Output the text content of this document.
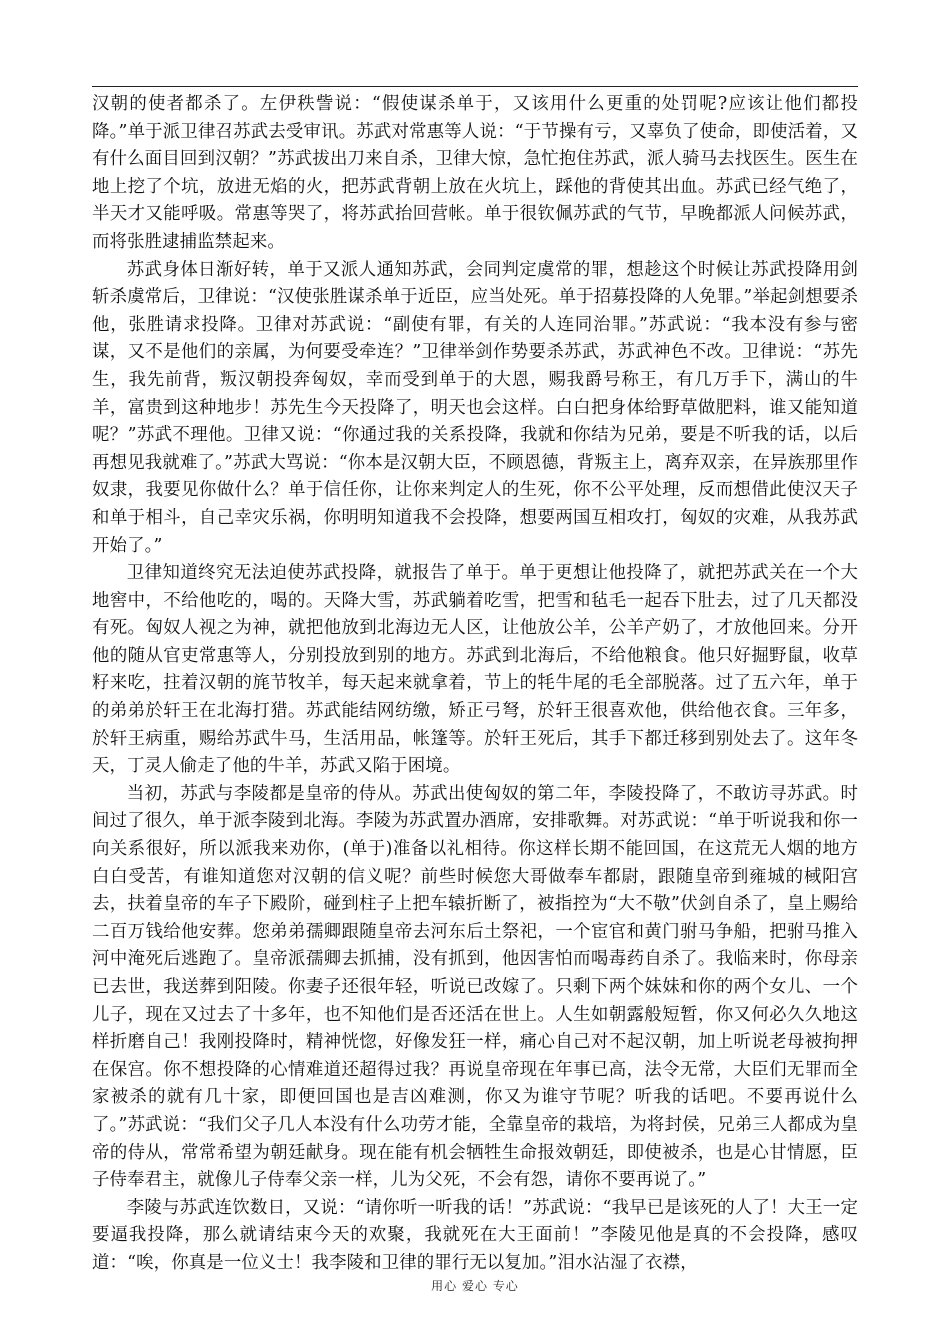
汉朝的使者都杀了。左伊秩訾说：“假使谋杀单于，又该用什么更重的处罚呢?应该让他们都投降。”单于派卫律召苏武去受审讯。苏武对常惠等人说：“于节操有亏，又辜负了使命，即使活着，又有什么面目回到汉朝？”苏武拔出刀来自杀，卫律大惊，急忙抱住苏武，派人骑马去找医生。医生在地上挖了个坑，放进无焰的火，把苏武背朝上放在火坑上，踩他的背使其出血。苏武已经气绝了，半天才又能呼吸。常惠等哭了，将苏武抬回营帐。单于很钦佩苏武的气节，早晚都派人问候苏武，而将张胜逮捕监禁起来。

苏武身体日渐好转，单于又派人通知苏武，会同判定虞常的罪，想趁这个时候让苏武投降用剑斩杀虞常后，卫律说：“汉使张胜谋杀单于近臣，应当处死。单于招募投降的人免罪。”举起剑想要杀他，张胜请求投降。卫律对苏武说：“副使有罪，有关的人连同治罪。”苏武说：“我本没有参与密谋，又不是他们的亲属，为何要受牵连？”卫律举剑作势要杀苏武，苏武神色不改。卫律说：“苏先生，我先前背，叛汉朝投奔匈奴，幸而受到单于的大恩，赐我爵号称王，有几万手下，满山的牛羊，富贵到这种地步！苏先生今天投降了，明天也会这样。白白把身体给野草做肥料，谁又能知道呢？”苏武不理他。卫律又说：“你通过我的关系投降，我就和你结为兄弟，要是不听我的话，以后再想见我就难了。”苏武大骂说：“你本是汉朝大臣，不顾恩德，背叛主上，离弃双亲，在异族那里作奴隶，我要见你做什么？单于信任你，让你来判定人的生死，你不公平处理，反而想借此使汉天子和单于相斗，自己幸灾乐祸，你明明知道我不会投降，想要两国互相攻打，匈奴的灾难，从我苏武开始了。”

卫律知道终究无法迫使苏武投降，就报告了单于。单于更想让他投降了，就把苏武关在一个大地窖中，不给他吃的，喝的。天降大雪，苏武躺着吃雪，把雪和毡毛一起吞下肚去，过了几天都没有死。匈奴人视之为神，就把他放到北海边无人区，让他放公羊，公羊产奶了，才放他回来。分开他的随从官吏常惠等人，分别投放到别的地方。苏武到北海后，不给他粮食。他只好掘野鼠，收草籽来吃，拄着汉朝的旄节牧羊，每天起来就拿着，节上的牦牛尾的毛全部脱落。过了五六年，单于的弟弟於轩王在北海打猎。苏武能结网纺缴，矫正弓弩，於轩王很喜欢他，供给他衣食。三年多，於轩王病重，赐给苏武牛马，生活用品，帐篷等。於轩王死后，其手下都迁移到别处去了。这年冬天，丁灵人偷走了他的牛羊，苏武又陷于困境。

当初，苏武与李陵都是皇帝的侍从。苏武出使匈奴的第二年，李陵投降了，不敢访寻苏武。时间过了很久，单于派李陵到北海。李陵为苏武置办酒席，安排歌舞。对苏武说：“单于听说我和你一向关系很好，所以派我来劝你，(单于)准备以礼相待。你这样长期不能回国，在这荒无人烟的地方白白受苦，有谁知道您对汉朝的信义呢？前些时候您大哥做奉车都尉，跟随皇帝到雍城的棫阳宫去，扶着皇帝的车子下殿阶，碰到柱子上把车辕折断了，被指控为“大不敬”伏剑自杀了，皇上赐给二百万钱给他安葬。您弟弟孺卿跟随皇帝去河东后土祭祀，一个宦官和黄门驸马争船，把驸马推入河中淹死后逃跑了。皇帝派孺卿去抓捕，没有抓到，他因害怕而喝毒药自杀了。我临来时，你母亲已去世，我送葬到阳陵。你妻子还很年轻，听说已改嫁了。只剩下两个妹妹和你的两个女儿、一个儿子，现在又过去了十多年，也不知他们是否还活在世上。人生如朝露般短暂，你又何必久久地这样折磨自己！我刚投降时，精神恍惚，好像发狂一样，痛心自己对不起汉朝，加上听说老母被拘押在保宫。你不想投降的心情难道还超得过我？再说皇帝现在年事已高，法令无常，大臣们无罪而全家被杀的就有几十家，即便回国也是吉凶难测，你又为谁守节呢？听我的话吧。不要再说什么了。”苏武说：“我们父子几人本没有什么功劳才能，全靠皇帝的栽培，为将封侯，兄弟三人都成为皇帝的侍从，常常希望为朝廷献身。现在能有机会牺牲生命报效朝廷，即使被杀，也是心甘情愿，臣子侍奉君主，就像儿子侍奉父亲一样，儿为父死，不会有怨，请你不要再说了。”

李陵与苏武连饮数日，又说：“请你听一听我的话！”苏武说：“我早已是该死的人了！大王一定要逼我投降，那么就请结束今天的欢聚，我就死在大王面前！”李陵见他是真的不会投降，感叹道：“唉，你真是一位义士！我李陵和卫律的罪行无以复加。”泪水沾湿了衣襟，

用心 爱心 专心
